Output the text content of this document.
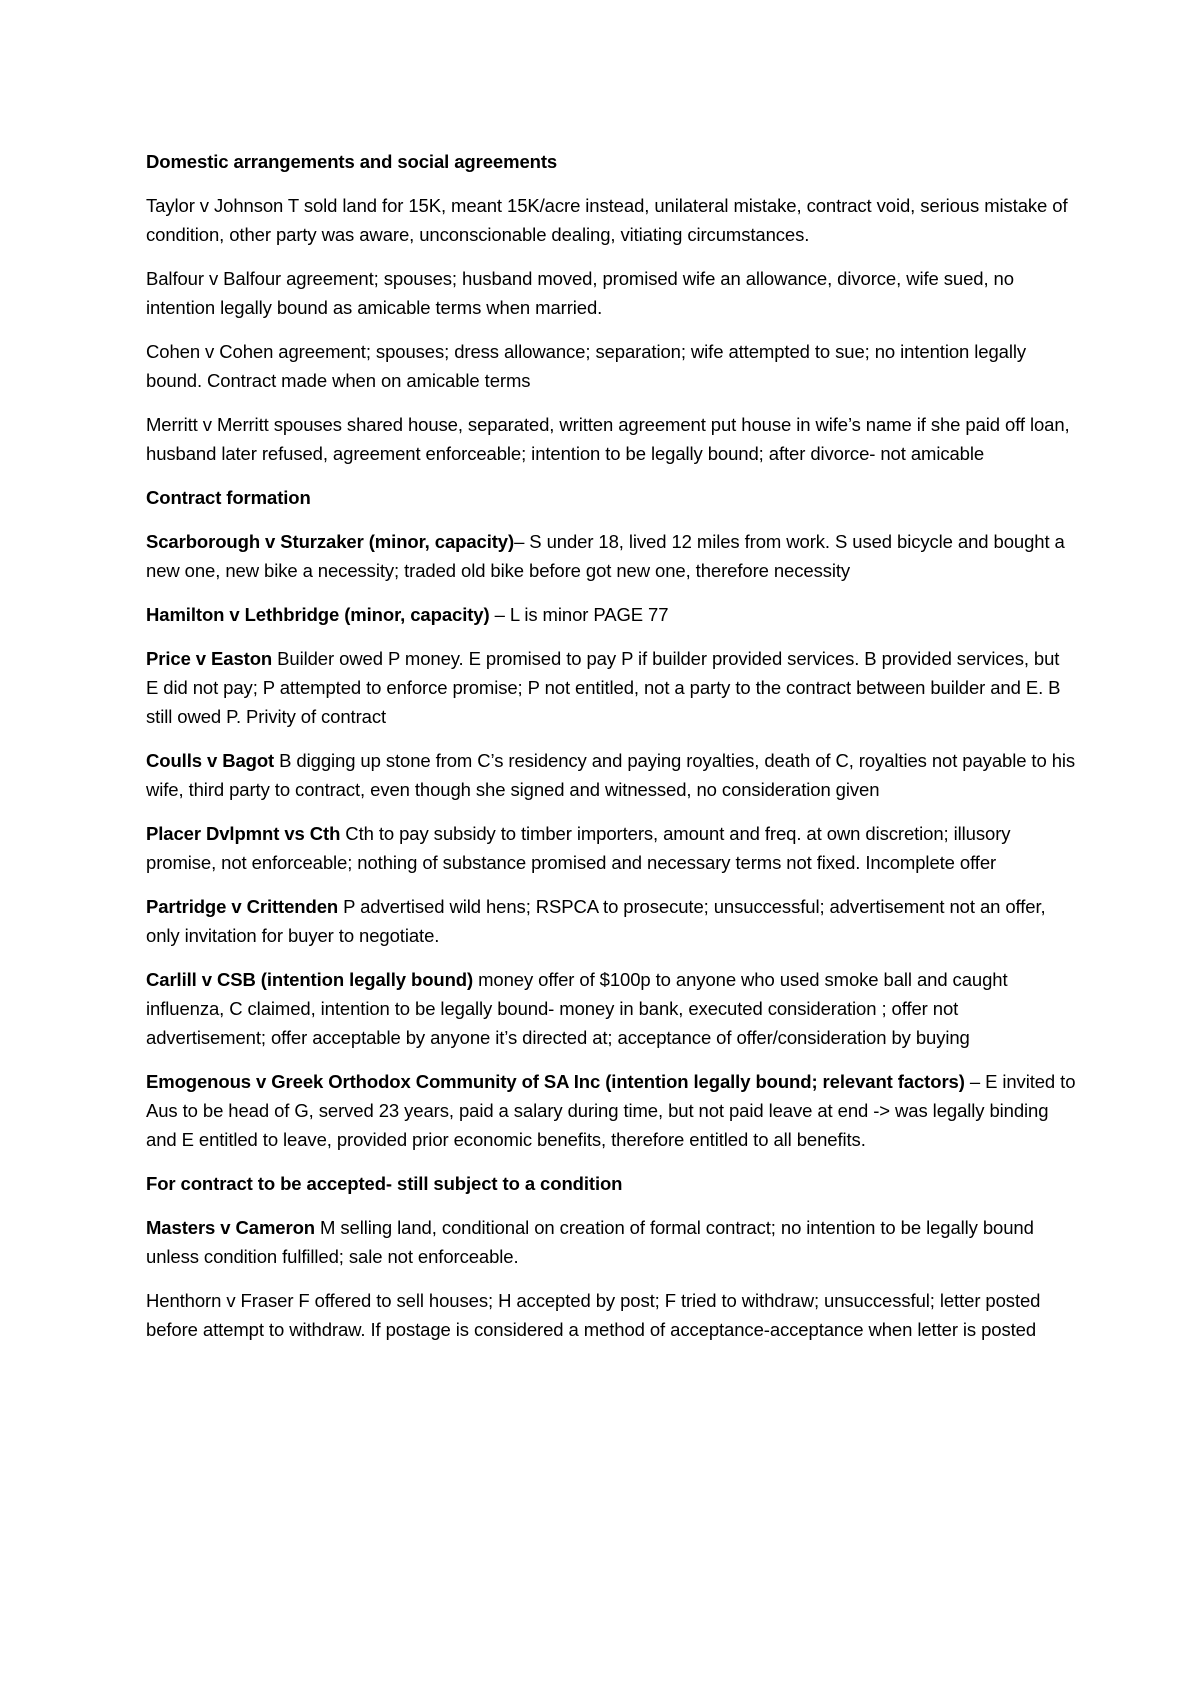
Domestic arrangements and social agreements
Taylor v Johnson T sold land for 15K, meant 15K/acre instead, unilateral mistake, contract void, serious mistake of condition, other party was aware, unconscionable dealing, vitiating circumstances.
Balfour v Balfour agreement; spouses; husband moved, promised wife an allowance, divorce, wife sued, no intention legally bound as amicable terms when married.
Cohen v Cohen agreement; spouses; dress allowance; separation; wife attempted to sue; no intention legally bound. Contract made when on amicable terms
Merritt v Merritt spouses shared house, separated, written agreement put house in wife’s name if she paid off loan, husband later refused, agreement enforceable; intention to be legally bound; after divorce- not amicable
Contract formation
Scarborough v Sturzaker (minor, capacity)– S under 18, lived 12 miles from work. S used bicycle and bought a new one, new bike a necessity; traded old bike before got new one, therefore necessity
Hamilton v Lethbridge (minor, capacity) – L is minor PAGE 77
Price v Easton Builder owed P money. E promised to pay P if builder provided services. B provided services, but E did not pay; P attempted to enforce promise; P not entitled, not a party to the contract between builder and E. B still owed P. Privity of contract
Coulls v Bagot B digging up stone from C’s residency and paying royalties, death of C, royalties not payable to his wife, third party to contract, even though she signed and witnessed, no consideration given
Placer Dvlpmnt vs Cth Cth to pay subsidy to timber importers, amount and freq. at own discretion; illusory promise, not enforceable; nothing of substance promised and necessary terms not fixed. Incomplete offer
Partridge v Crittenden P advertised wild hens; RSPCA to prosecute; unsuccessful; advertisement not an offer, only invitation for buyer to negotiate.
Carlill v CSB (intention legally bound) money offer of $100p to anyone who used smoke ball and caught influenza, C claimed, intention to be legally bound- money in bank, executed consideration ; offer not advertisement; offer acceptable by anyone it’s directed at; acceptance of offer/consideration by buying
Emogenous v Greek Orthodox Community of SA Inc (intention legally bound; relevant factors) – E invited to Aus to be head of G, served 23 years, paid a salary during time, but not paid leave at end -> was legally binding and E entitled to leave, provided prior economic benefits, therefore entitled to all benefits.
For contract to be accepted- still subject to a condition
Masters v Cameron M selling land, conditional on creation of formal contract; no intention to be legally bound unless condition fulfilled; sale not enforceable.
Henthorn v Fraser F offered to sell houses; H accepted by post; F tried to withdraw; unsuccessful; letter posted before attempt to withdraw. If postage is considered a method of acceptance-acceptance when letter is posted
